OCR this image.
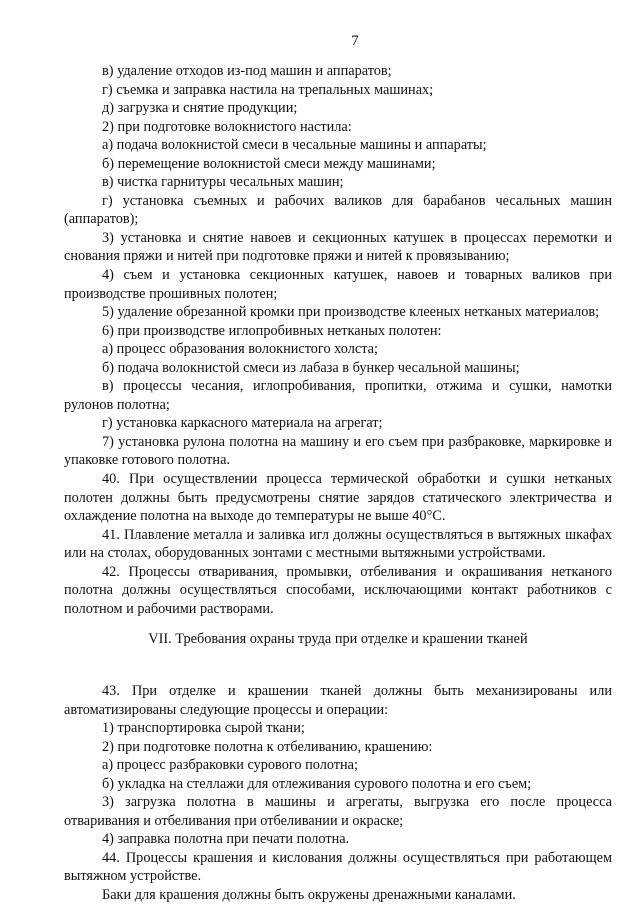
7

в) удаление отходов из-под машин и аппаратов;

г) съемка и заправка настила на трепальных машинах;

д) загрузка и снятие продукции;

2) при подготовке волокнистого настила:

а) подача волокнистой смеси в чесальные машины и аппараты;

б) перемещение волокнистой смеси между машинами;

в) чистка гарнитуры чесальных машин;

г) установка съемных и рабочих валиков для барабанов чесальных машин (аппаратов);

3) установка и снятие навоев и секционных катушек в процессах перемотки и снования пряжи и нитей при подготовке пряжи и нитей к провязыванию;

4) съем и установка секционных катушек, навоев и товарных валиков при производстве прошивных полотен;

5) удаление обрезанной кромки при производстве клееных нетканых материалов;

6) при производстве иглопробивных нетканых полотен:

а) процесс образования волокнистого холста;

б) подача волокнистой смеси из лабаза в бункер чесальной машины;

в) процессы чесания, иглопробивания, пропитки, отжима и сушки, намотки рулонов полотна;

г) установка каркасного материала на агрегат;

7) установка рулона полотна на машину и его съем при разбраковке, маркировке и упаковке готового полотна.

40. При осуществлении процесса термической обработки и сушки нетканых полотен должны быть предусмотрены снятие зарядов статического электричества и охлаждение полотна на выходе до температуры не выше 40°C.

41. Плавление металла и заливка игл должны осуществляться в вытяжных шкафах или на столах, оборудованных зонтами с местными вытяжными устройствами.

42. Процессы отваривания, промывки, отбеливания и окрашивания нетканого полотна должны осуществляться способами, исключающими контакт работников с полотном и рабочими растворами.

VII. Требования охраны труда при отделке и крашении тканей

43. При отделке и крашении тканей должны быть механизированы или автоматизированы следующие процессы и операции:

1) транспортировка сырой ткани;

2) при подготовке полотна к отбеливанию, крашению:

а) процесс разбраковки сурового полотна;

б) укладка на стеллажи для отлеживания сурового полотна и его съем;

3) загрузка полотна в машины и агрегаты, выгрузка его после процесса отваривания и отбеливания при отбеливании и окраске;

4) заправка полотна при печати полотна.

44. Процессы крашения и кислования должны осуществляться при работающем вытяжном устройстве.

Баки для крашения должны быть окружены дренажными каналами.
